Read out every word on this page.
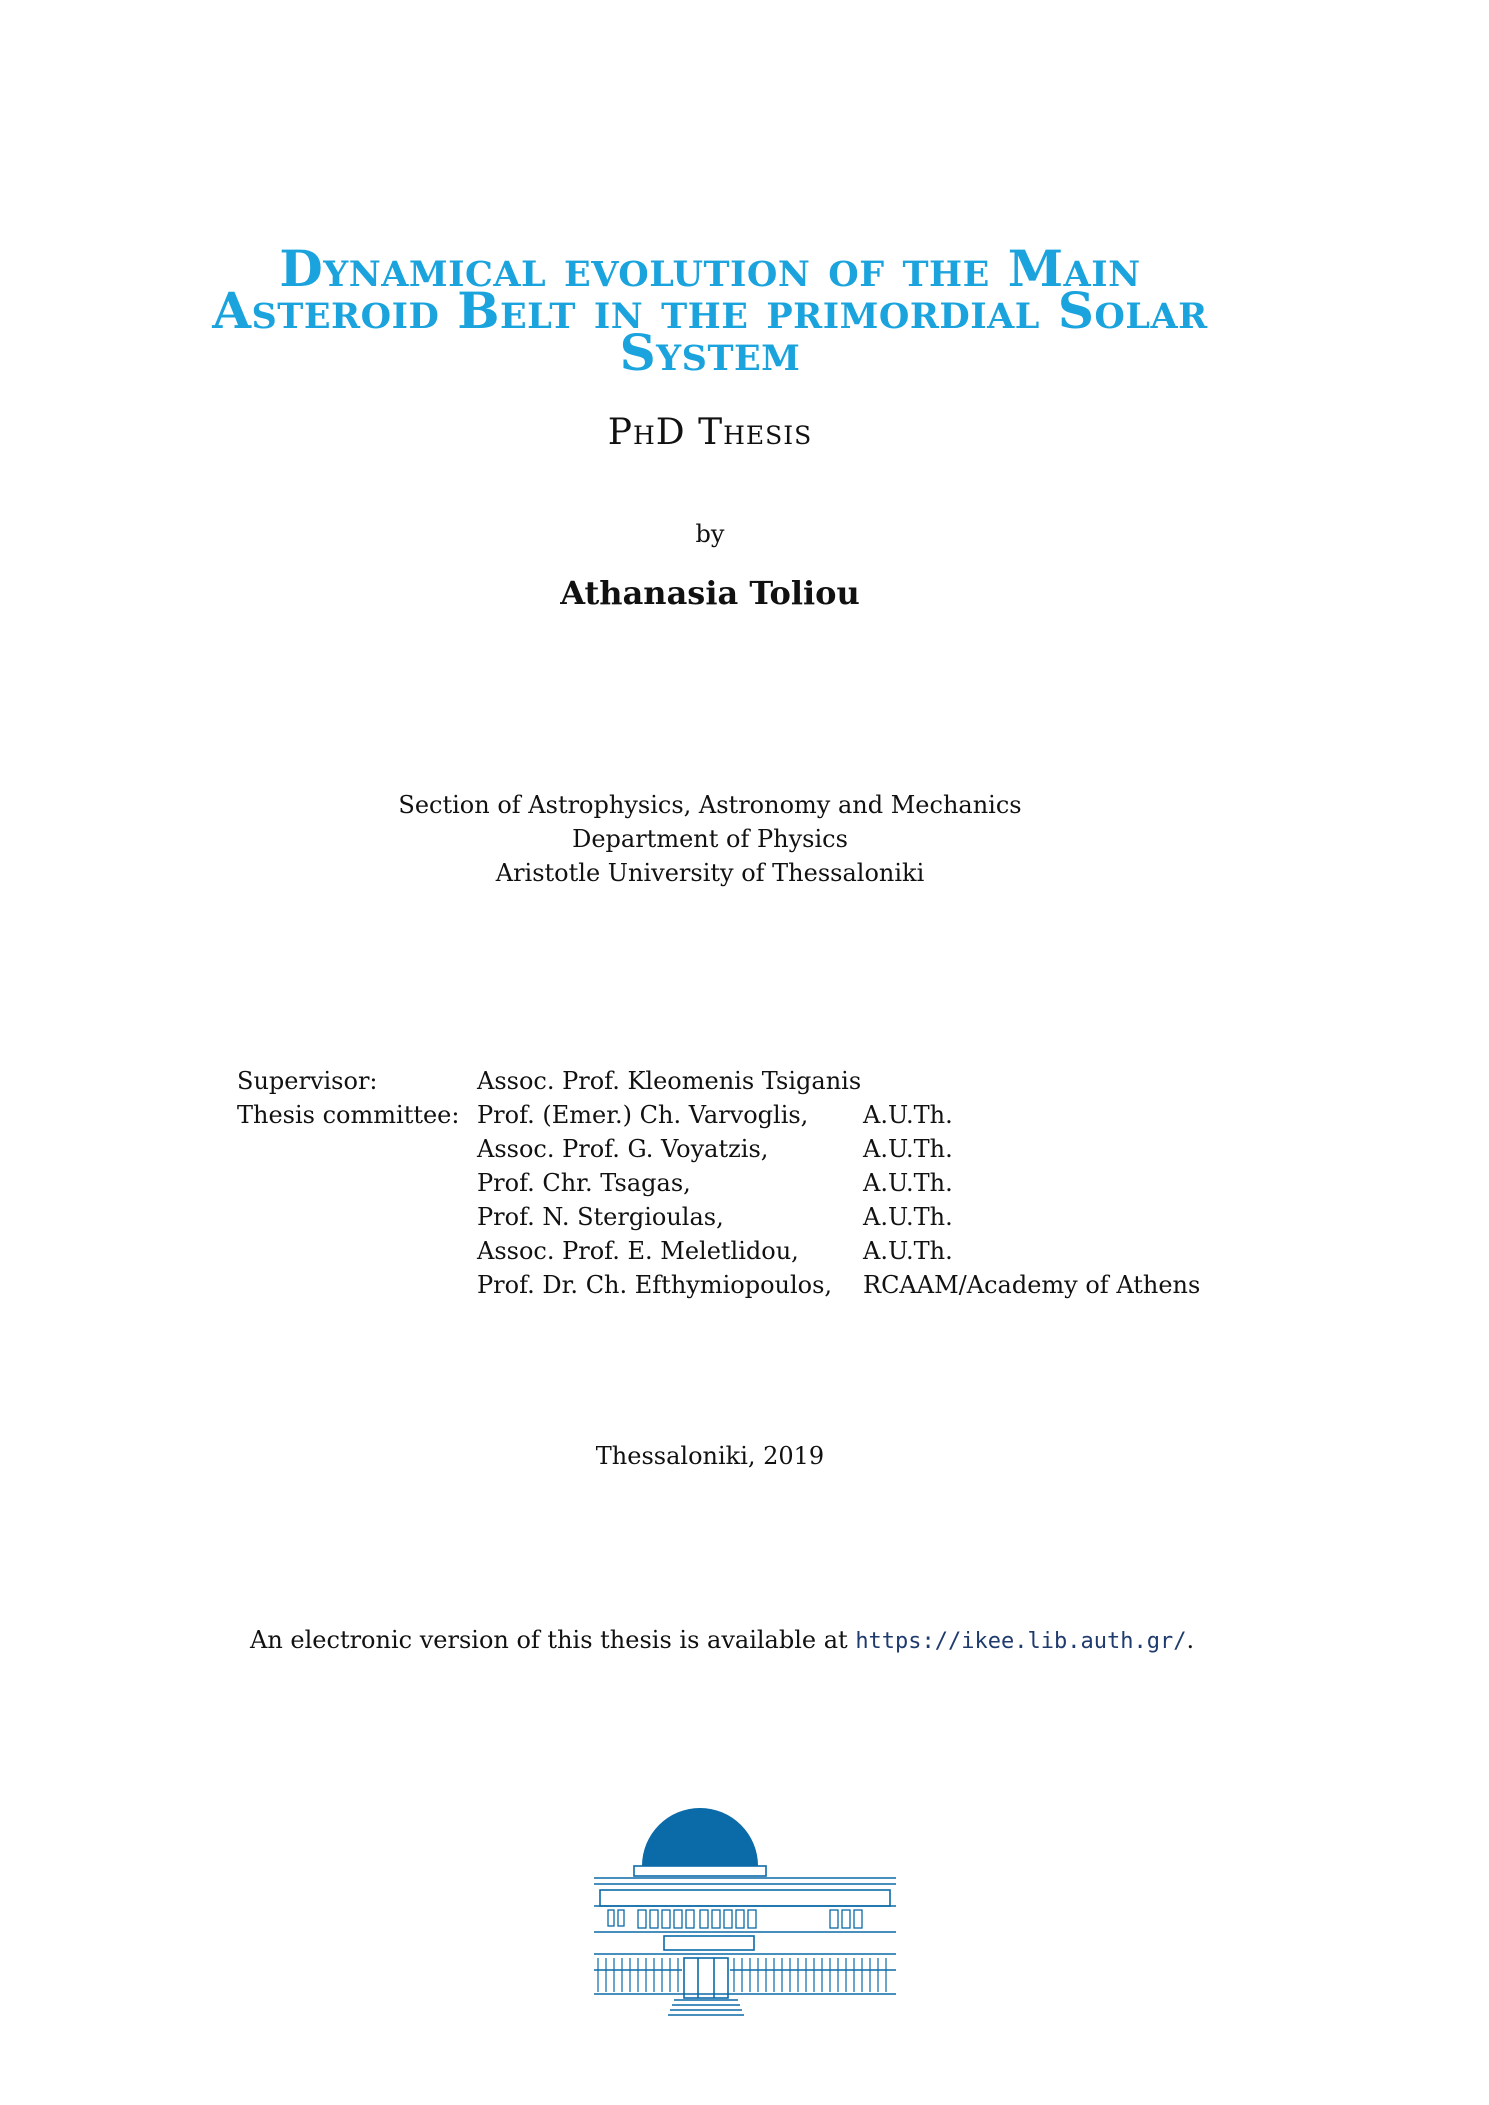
Dynamical evolution of the Main
Asteroid Belt in the primordial Solar
System
PhD Thesis
by
Athanasia Toliou
Section of Astrophysics, Astronomy and Mechanics
Department of Physics
Aristotle University of Thessaloniki
Supervisor:	Assoc. Prof. Kleomenis Tsiganis
Thesis committee: Prof. (Emer.) Ch. Varvoglis, A.U.Th.
Assoc. Prof. G. Voyatzis,	A.U.Th.
Prof. Chr. Tsagas,	A.U.Th.
Prof. N. Stergioulas,	A.U.Th.
Assoc. Prof. E. Meletlidou,	A.U.Th.
Prof. Dr. Ch. Efthymiopoulos, RCAAM/Academy of Athens
Thessaloniki, 2019
An electronic version of this thesis is available at https://ikee.lib.auth.gr/.
